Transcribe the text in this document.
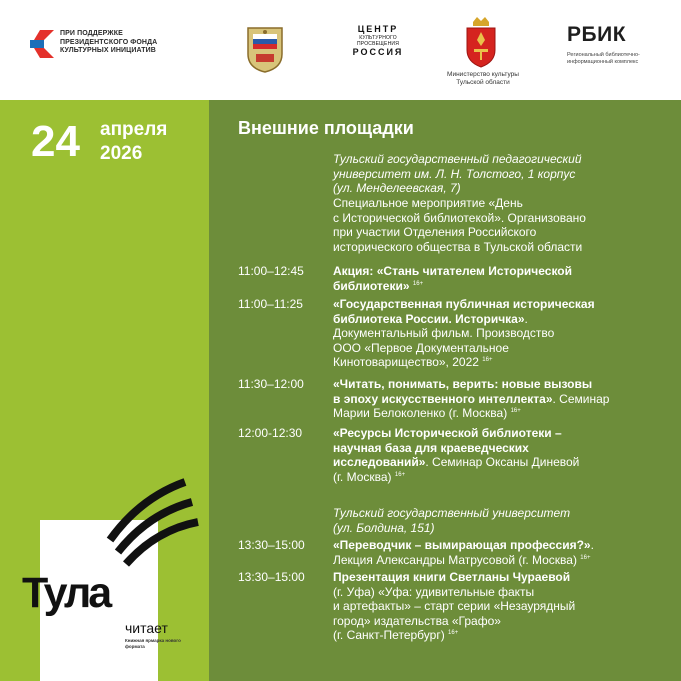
ПРИ ПОДДЕРЖКЕ
ПРЕЗИДЕНТСКОГО ФОНДА
КУЛЬТУРНЫХ ИНИЦИАТИВ
ЦЕНТР
КУЛЬТУРНОГО ПРОСВЕЩЕНИЯ
РОССИЯ
Министерство культуры
Тульской области
РБИК
Региональный библиотечно-
информационный комплекс
24 апреля
2026
Тула
читает
Книжная ярмарка нового формата
Внешние площадки
Тульский государственный педагогический
университет им. Л. Н. Толстого, 1 корпус
(ул. Менделеевская, 7)
Специальное мероприятие «День
с Исторической библиотекой». Организовано
при участии Отделения Российского
исторического общества в Тульской области
11:00–12:45	Акция: «Стань читателем Исторической
библиотеки» $^{16+}$
11:00–11:25	«Государственная публичная историческая
библиотека России. Историчка».
Документальный фильм. Производство
ООО «Первое Документальное
Кинотоварищество», 2022 $^{16+}$
11:30–12:00	«Читать, понимать, верить: новые вызовы
в эпоху искусственного интеллекта». Семинар
Марии Белоколенко (г. Москва) $^{16+}$
12:00-12:30	«Ресурсы Исторической библиотеки –
научная база для краеведческих
исследований». Семинар Оксаны Диневой
(г. Москва) $^{16+}$
Тульский государственный университет
(ул. Болдина, 151)
13:30–15:00	«Переводчик – вымирающая профессия?».
Лекция Александры Матрусовой (г. Москва) $^{16+}$
13:30–15:00	Презентация книги Светланы Чураевой
(г. Уфа) «Уфа: удивительные факты
и артефакты» – старт серии «Незаурядный
город» издательства «Графо»
(г. Санкт-Петербург) $^{16+}$
